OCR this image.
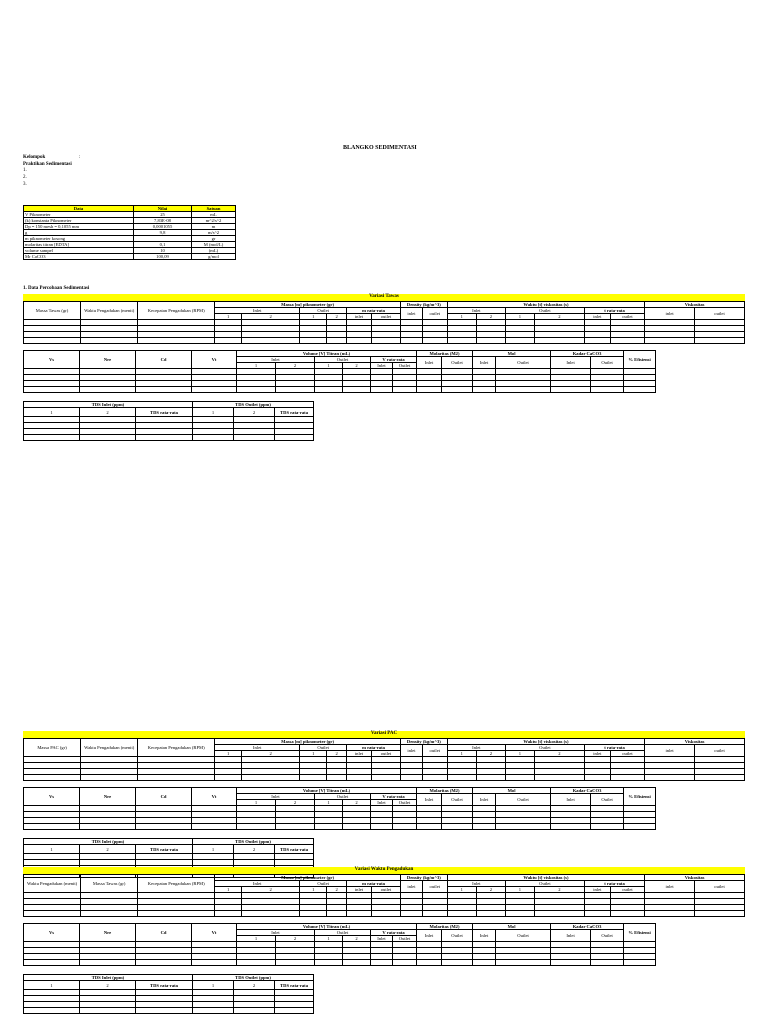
BLANGKO SEDIMENTASI
Kelompok	:
Praktikan Sedimentasi
1.
2.
3.
Data	Nilai	Satuan
V Piknometer	25	mL
(k) konstanta Piknometer	7,83E-08	m^2/s^2
Dp = 150 mesh = 0,1055 mm	0,0001055	m
g	9,8	m/s^2
m piknometer kosong		gr
molaritas titran [EDTA]	0,1	M (mol/L)
volume sampel	10	(mL)
Mr CaCO3	100,09	g/mol
1. Data Percobaan Sedimentasi
Variasi Tawas
Massa Tawas (gr)	Waktu Pengadukan (menit)	Kecepatan Pengadukan (RPM)	Massa [m] piknometer (gr)						Density (kg/m^3)		Waktu [t] viskositas (s)						Viskositas	
			Inlet		Outlet		m rata-rata		inlet	outlet	Inlet		Outlet		t rata-rata		inlet	outlet
			1	2	1	2	inlet	outlet			1	2	1	2	inlet	outlet		

Vs	Nre	Cd	Vt	Volume [V] Titran (mL)						Molaritas (M2)		Mol		Kadar CaCO3		% Efisiensi
				Inlet		Outlet		V rata-rata		Inlet	Outlet	Inlet	Outlet	Inlet	Outlet	
				1	2	1	2	Inlet	Outlet							

TDS Inlet (ppm)			TDS Outlet (ppm)		
1	2	TDS rata-rata	1	2	TDS rata-rata

Variasi PAC
Massa PAC (gr)	Waktu Pengadukan (menit)	Kecepatan Pengadukan (RPM)	Massa [m] piknometer (gr)						Density (kg/m^3)		Waktu [t] viskositas (s)						Viskositas	
			Inlet		Outlet		m rata-rata		inlet	outlet	Inlet		Outlet		t rata-rata		inlet	outlet
			1	2	1	2	inlet	outlet			1	2	1	2	inlet	outlet		

Vs	Nre	Cd	Vt	Volume [V] Titran (mL)						Molaritas (M2)		Mol		Kadar CaCO3		% Efisiensi
				Inlet		Outlet		V rata-rata		Inlet	Outlet	Inlet	Outlet	Inlet	Outlet	
				1	2	1	2	Inlet	Outlet							

TDS Inlet (ppm)			TDS Outlet (ppm)		
1	2	TDS rata-rata	1	2	TDS rata-rata

Variasi Waktu Pengadukan
Waktu Pengadukan (menit)	Massa Tawas (gr)	Kecepatan Pengadukan (RPM)	Massa [m] piknometer (gr)						Density (kg/m^3)		Waktu [t] viskositas (s)						Viskositas	
			Inlet		Outlet		m rata-rata		inlet	outlet	Inlet		Outlet		t rata-rata		inlet	outlet
			1	2	1	2	inlet	outlet			1	2	1	2	inlet	outlet		

Vs	Nre	Cd	Vt	Volume [V] Titran (mL)						Molaritas (M2)		Mol		Kadar CaCO3		% Efisiensi
				Inlet		Outlet		V rata-rata		Inlet	Outlet	Inlet	Outlet	Inlet	Outlet	
				1	2	1	2	Inlet	Outlet							

TDS Inlet (ppm)			TDS Outlet (ppm)		
1	2	TDS rata-rata	1	2	TDS rata-rata
